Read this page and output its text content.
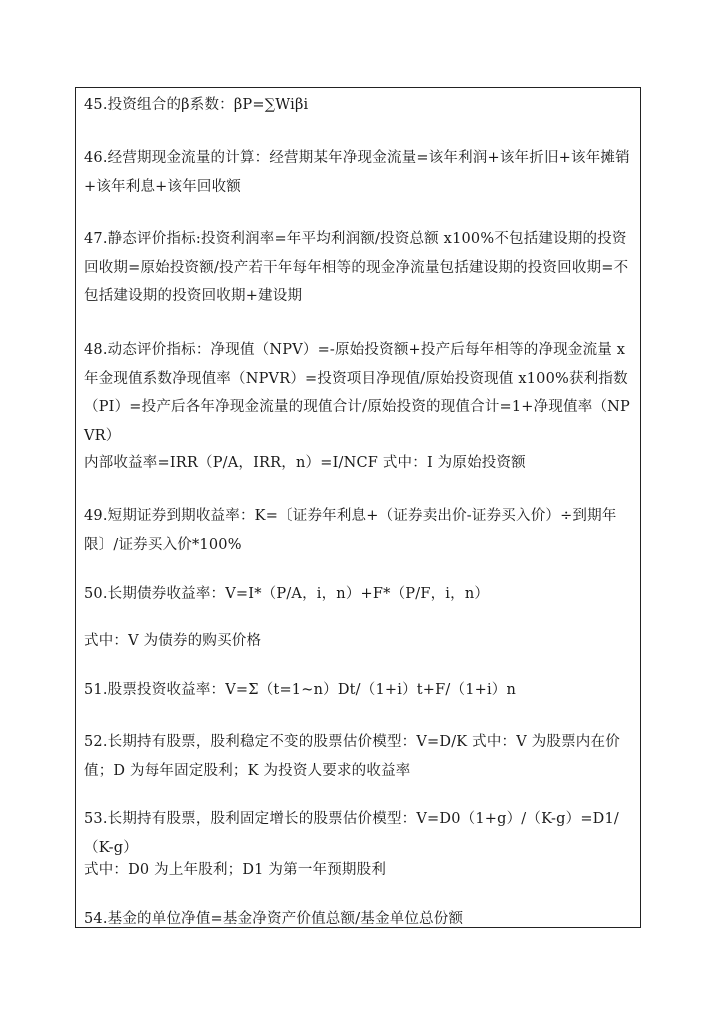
45.投资组合的β系数：βP=∑Wiβi

46.经营期现金流量的计算：经营期某年净现金流量=该年利润+该年折旧+该年摊销+该年利息+该年回收额

47.静态评价指标:投资利润率=年平均利润额/投资总额 x100%不包括建设期的投资回收期=原始投资额/投产若干年每年相等的现金净流量包括建设期的投资回收期=不包括建设期的投资回收期+建设期

48.动态评价指标：净现值（NPV）=-原始投资额+投产后每年相等的净现金流量 x 年金现值系数净现值率（NPVR）=投资项目净现值/原始投资现值 x100%获利指数（PI）=投产后各年净现金流量的现值合计/原始投资的现值合计=1+净现值率（NPVR）

内部收益率=IRR（P/A，IRR，n）=I/NCF 式中：I 为原始投资额

49.短期证券到期收益率：K=〔证券年利息+（证券卖出价-证券买入价）÷到期年限〕/证券买入价*100%

50.长期债券收益率：V=I*（P/A，i，n）+F*（P/F，i，n）

式中：V 为债券的购买价格

51.股票投资收益率：V=Σ（t=1~n）Dt/（1+i）t+F/（1+i）n

52.长期持有股票，股利稳定不变的股票估价模型：V=D/K 式中：V 为股票内在价值；D 为每年固定股利；K 为投资人要求的收益率

53.长期持有股票，股利固定增长的股票估价模型：V=D0（1+g）/（K-g）=D1/（K-g）

式中：D0 为上年股利；D1 为第一年预期股利

54.基金的单位净值=基金净资产价值总额/基金单位总份额
